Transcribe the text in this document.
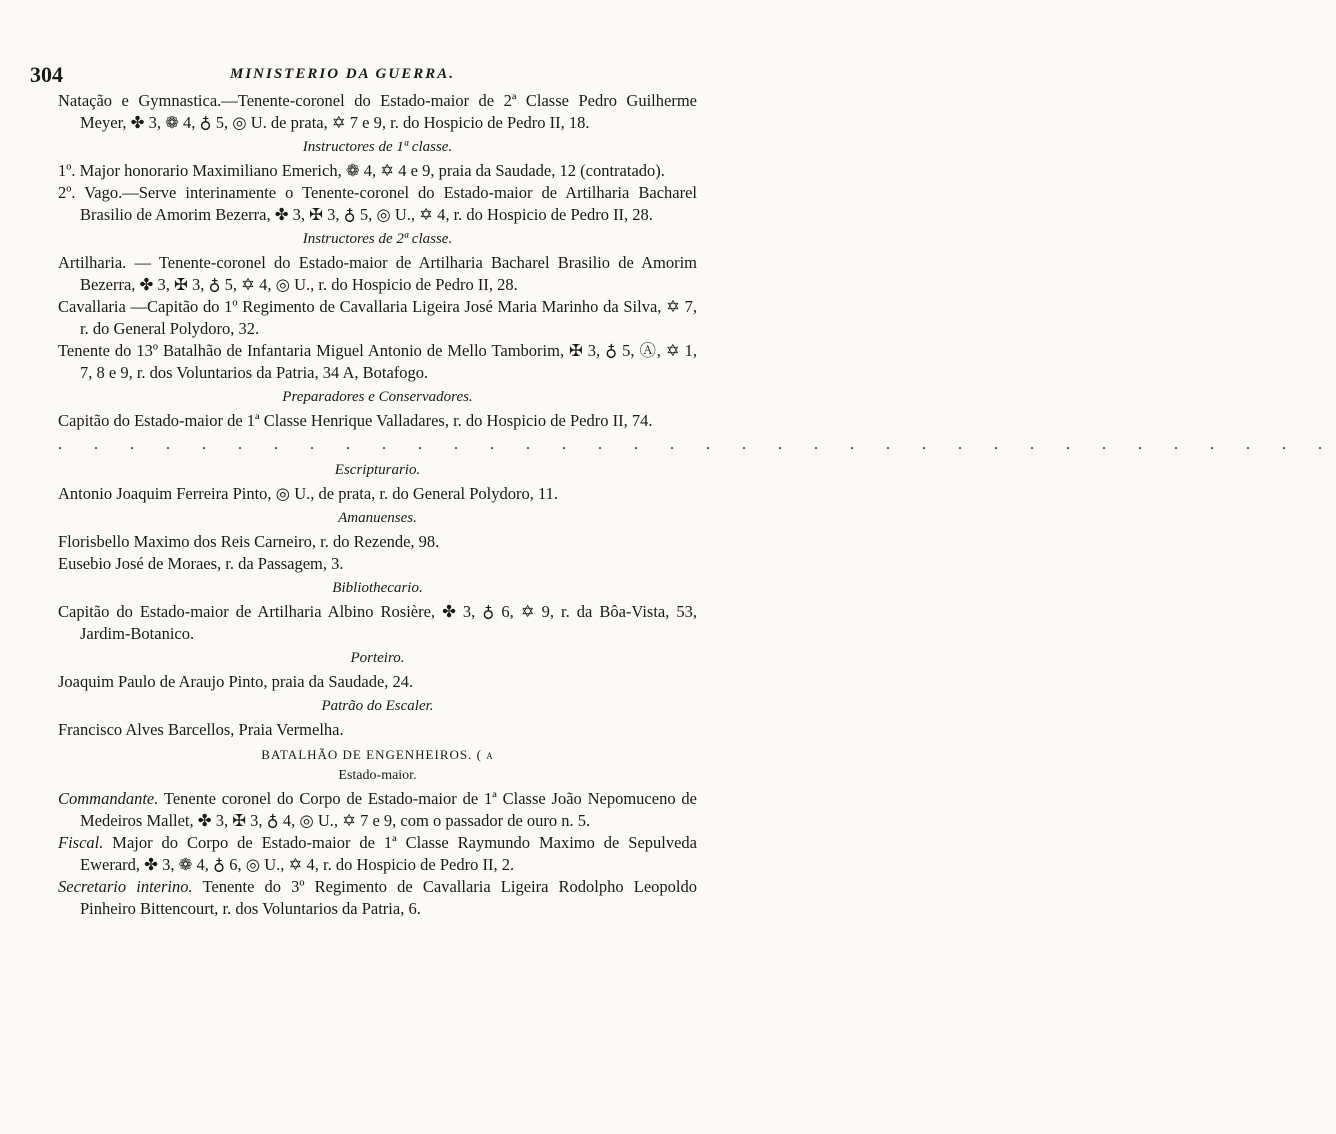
304	MINISTERIO DA GUERRA.

Natação e Gymnastica.—Tenente-coronel do Estado-maior de 2ª Classe Pedro Guilherme Meyer, ✤ 3, ❁ 4, ♁ 5, ◎ U. de prata, ✡ 7 e 9, r. do Hospicio de Pedro II, 18.

Instructores de 1ª classe.

1º. Major honorario Maximiliano Emerich, ❁ 4, ✡ 4 e 9, praia da Saudade, 12 (contratado).

2º. Vago.—Serve interinamente o Tenente-coronel do Estado-maior de Artilharia Bacharel Brasilio de Amorim Bezerra, ✤ 3, ✠ 3, ♁ 5, ◎ U., ✡ 4, r. do Hospicio de Pedro II, 28.

Instructores de 2ª classe.

Artilharia. — Tenente-coronel do Estado-maior de Artilharia Bacharel Brasilio de Amorim Bezerra, ✤ 3, ✠ 3, ♁ 5, ✡ 4, ◎ U., r. do Hospicio de Pedro II, 28.

Cavallaria —Capitão do 1º Regimento de Cavallaria Ligeira José Maria Marinho da Silva, ✡ 7, r. do General Polydoro, 32.

Tenente do 13º Batalhão de Infantaria Miguel Antonio de Mello Tamborim, ✠ 3, ♁ 5, Ⓐ, ✡ 1, 7, 8 e 9, r. dos Voluntarios da Patria, 34 A, Botafogo.

Preparadores e Conservadores.

Capitão do Estado-maior de 1ª Classe Henrique Valladares, r. do Hospicio de Pedro II, 74.

. . . . . . . . . . . . . . . . . . . . . . . . . . . . . . . . . . . .
Escripturario.

Antonio Joaquim Ferreira Pinto, ◎ U., de prata, r. do General Polydoro, 11.

Amanuenses.

Florisbello Maximo dos Reis Carneiro, r. do Rezende, 98.

Eusebio José de Moraes, r. da Passagem, 3.

Bibliothecario.

Capitão do Estado-maior de Artilharia Albino Rosière, ✤ 3, ♁ 6, ✡ 9, r. da Bôa-Vista, 53, Jardim-Botanico.

Porteiro.

Joaquim Paulo de Araujo Pinto, praia da Saudade, 24.

Patrão do Escaler.

Francisco Alves Barcellos, Praia Vermelha.

BATALHÃO DE ENGENHEIROS. ( a
Estado-maior.

Commandante. Tenente coronel do Corpo de Estado-maior de 1ª Classe João Nepomuceno de Medeiros Mallet, ✤ 3, ✠ 3, ♁ 4, ◎ U., ✡ 7 e 9, com o passador de ouro n. 5.

Fiscal. Major do Corpo de Estado-maior de 1ª Classe Raymundo Maximo de Sepulveda Ewerard, ✤ 3, ❁ 4, ♁ 6, ◎ U., ✡ 4, r. do Hospicio de Pedro II, 2.

Secretario interino. Tenente do 3º Regimento de Cavallaria Ligeira Rodolpho Leopoldo Pinheiro Bittencourt, r. dos Voluntarios da Patria, 6.
